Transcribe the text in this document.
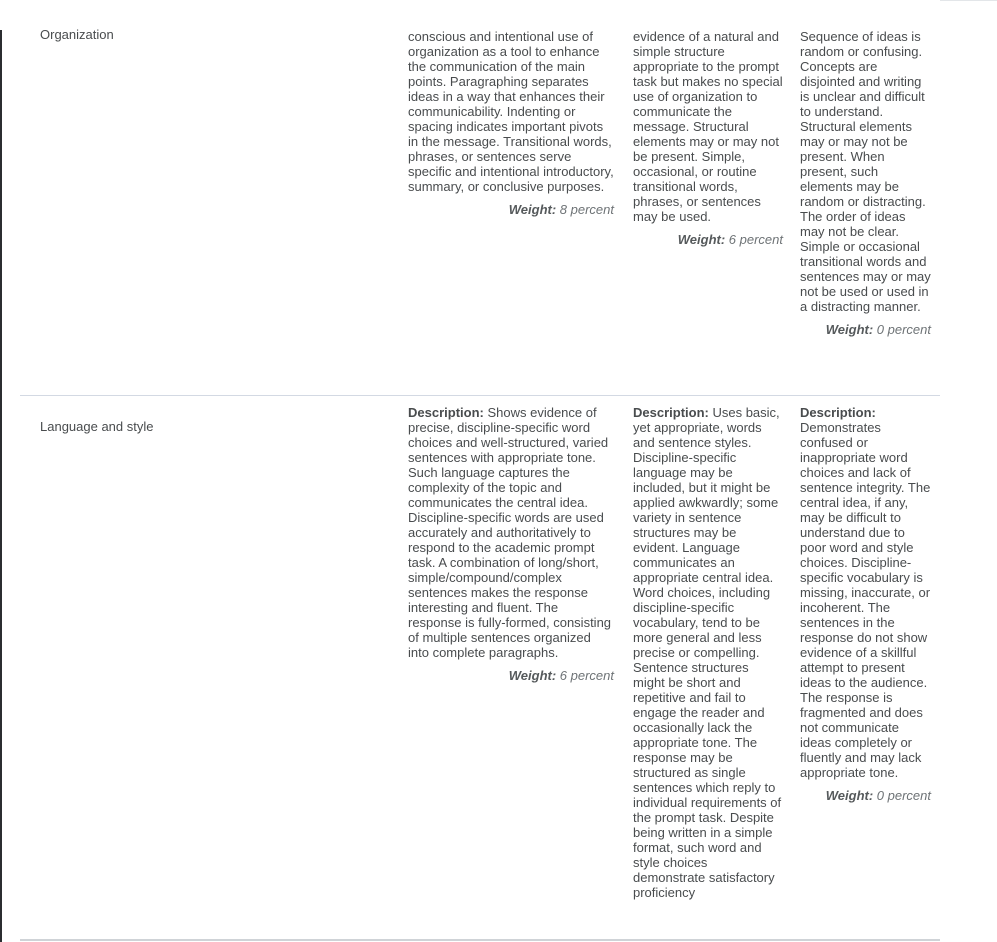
Organization	conscious and intentional use of organization as a tool to enhance the communication of the main points. Paragraphing separates ideas in a way that enhances their communicability. Indenting or spacing indicates important pivots in the message. Transitional words, phrases, or sentences serve specific and intentional introductory, summary, or conclusive purposes.
Weight: 8 percent
evidence of a natural and simple structure appropriate to the prompt task but makes no special use of organization to communicate the message. Structural elements may or may not be present. Simple, occasional, or routine transitional words, phrases, or sentences may be used.
Weight: 6 percent
Sequence of ideas is random or confusing. Concepts are disjointed and writing is unclear and difficult to understand. Structural elements may or may not be present. When present, such elements may be random or distracting. The order of ideas may not be clear. Simple or occasional transitional words and sentences may or may not be used or used in a distracting manner.
Weight: 0 percent
Language and style
Description: Shows evidence of precise, discipline-specific word choices and well-structured, varied sentences with appropriate tone. Such language captures the complexity of the topic and communicates the central idea. Discipline-specific words are used accurately and authoritatively to respond to the academic prompt task. A combination of long/short, simple/compound/complex sentences makes the response interesting and fluent. The response is fully-formed, consisting of multiple sentences organized into complete paragraphs.
Weight: 6 percent
Description: Uses basic, yet appropriate, words and sentence styles. Discipline-specific language may be included, but it might be applied awkwardly; some variety in sentence structures may be evident. Language communicates an appropriate central idea. Word choices, including discipline-specific vocabulary, tend to be more general and less precise or compelling. Sentence structures might be short and repetitive and fail to engage the reader and occasionally lack the appropriate tone. The response may be structured as single sentences which reply to individual requirements of the prompt task. Despite being written in a simple format, such word and style choices demonstrate satisfactory proficiency
Description: Demonstrates confused or inappropriate word choices and lack of sentence integrity. The central idea, if any, may be difficult to understand due to poor word and style choices. Discipline-specific vocabulary is missing, inaccurate, or incoherent. The sentences in the response do not show evidence of a skillful attempt to present ideas to the audience. The response is fragmented and does not communicate ideas completely or fluently and may lack appropriate tone.
Weight: 0 percent
